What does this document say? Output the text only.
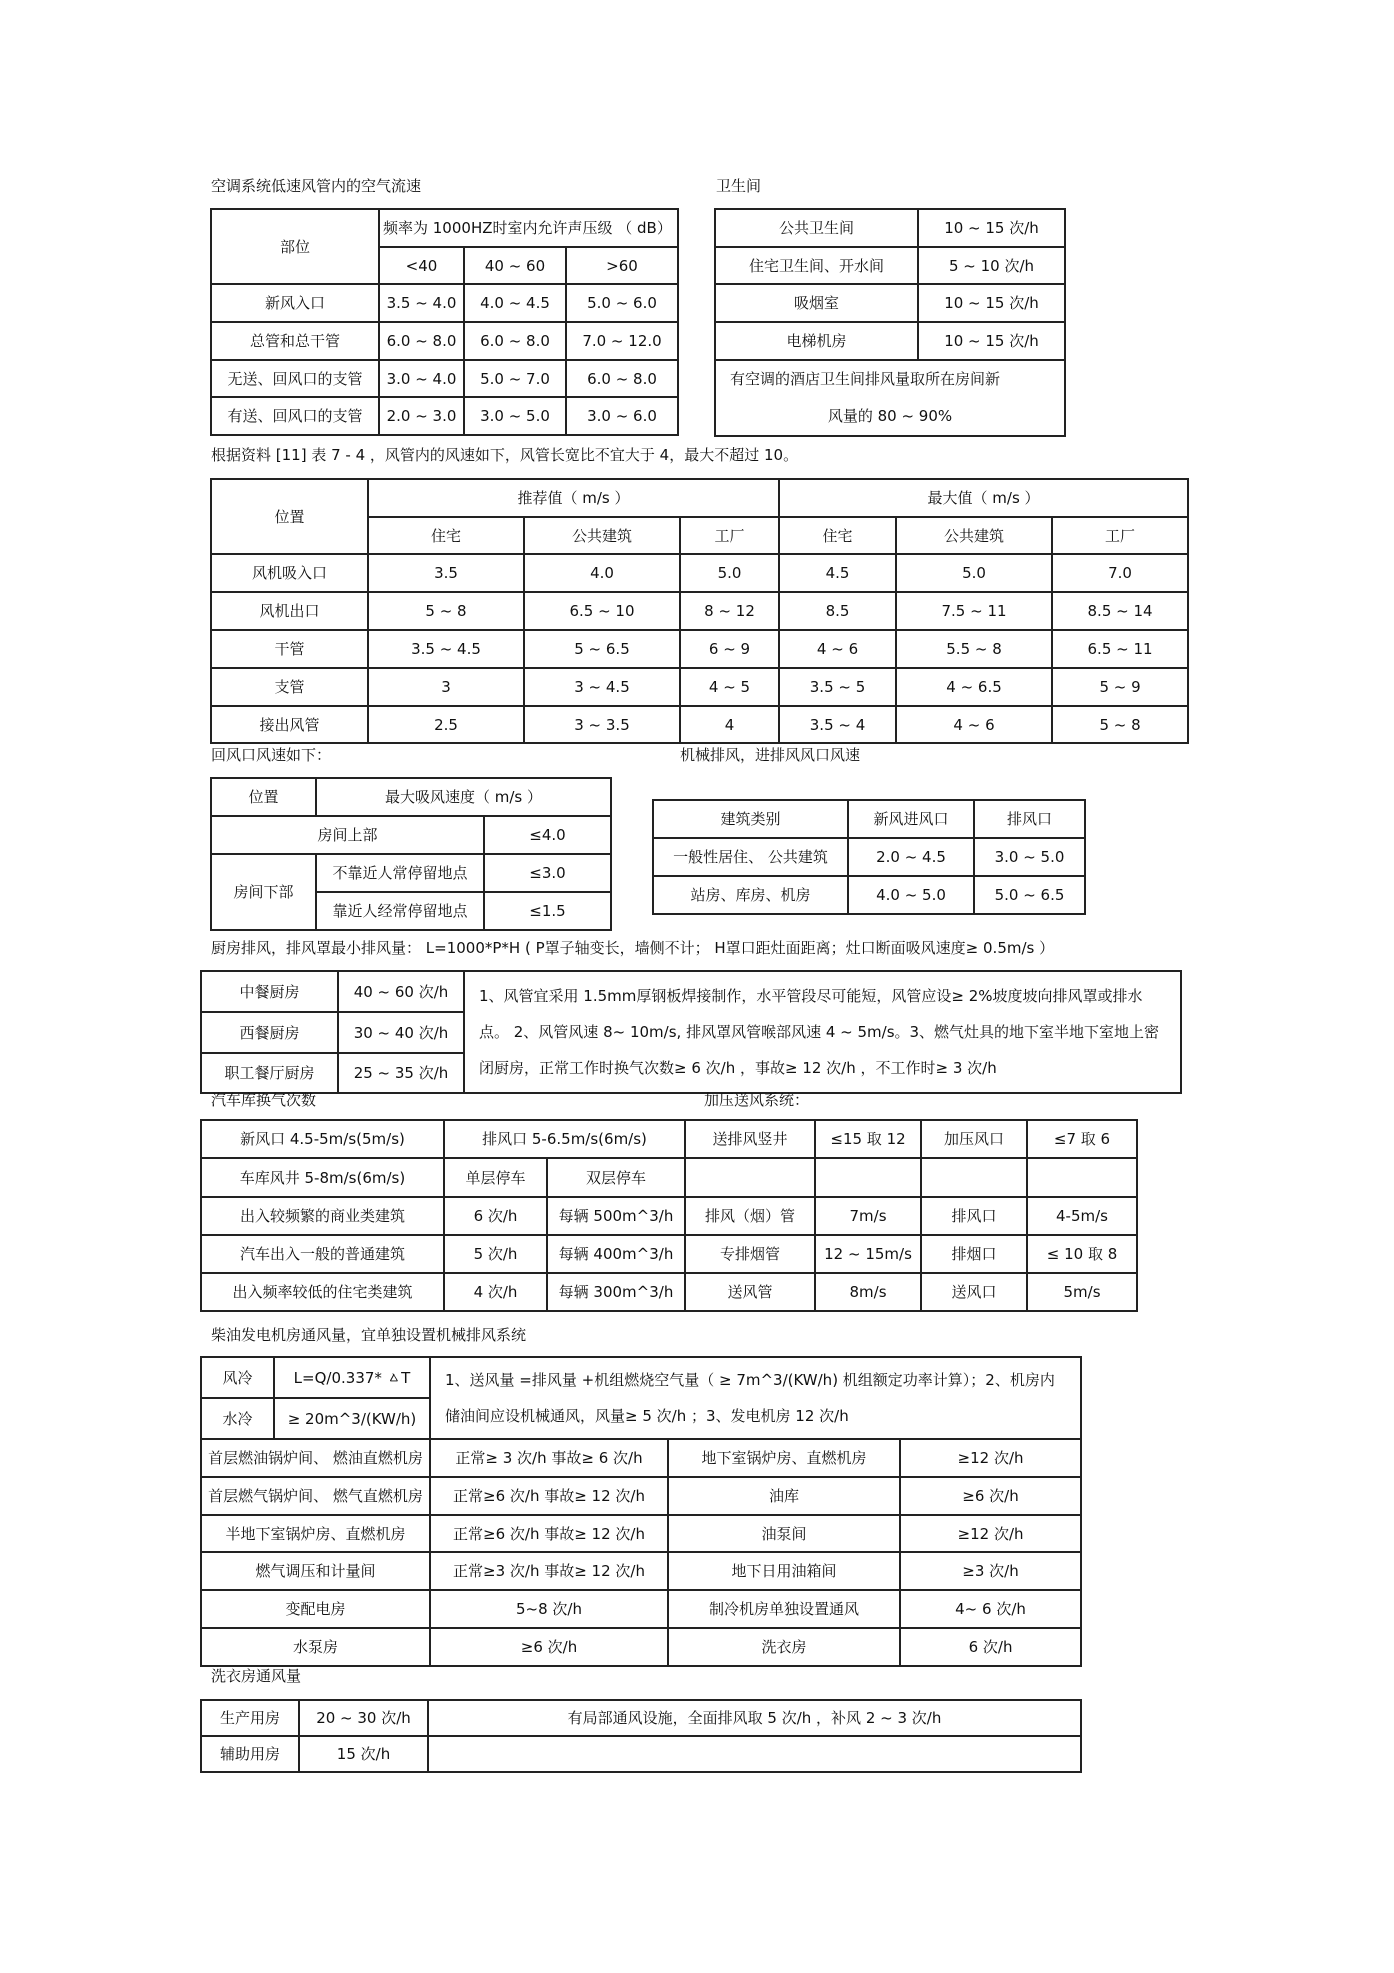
空调系统低速风管内的空气流速
部位	频率为 1000HZ时室内允许声压级 （ dB）		
	<40	40 ~ 60	>60
新风入口	3.5 ~ 4.0	4.0 ~ 4.5	5.0 ~ 6.0
总管和总干管	6.0 ~ 8.0	6.0 ~ 8.0	7.0 ~ 12.0
无送、回风口的支管	3.0 ~ 4.0	5.0 ~ 7.0	6.0 ~ 8.0
有送、回风口的支管	2.0 ~ 3.0	3.0 ~ 5.0	3.0 ~ 6.0
卫生间
公共卫生间	10 ~ 15 次/h
住宅卫生间、开水间	5 ~ 10 次/h
吸烟室	10 ~ 15 次/h
电梯机房	10 ~ 15 次/h

有空调的酒店卫生间排风量取所在房间新
风量的 80 ~ 90%	
根据资料 [11] 表 7 - 4 ，风管内的风速如下，风管长宽比不宜大于 4，最大不超过 10。
位置	推荐值（ m/s ）			最大值（ m/s ）		
	住宅	公共建筑	工厂	住宅	公共建筑	工厂
风机吸入口	3.5	4.0	5.0	4.5	5.0	7.0
风机出口	5 ~ 8	6.5 ~ 10	8 ~ 12	8.5	7.5 ~ 11	8.5 ~ 14
干管	3.5 ~ 4.5	5 ~ 6.5	6 ~ 9	4 ~ 6	5.5 ~ 8	6.5 ~ 11
支管	3	3 ~ 4.5	4 ~ 5	3.5 ~ 5	4 ~ 6.5	5 ~ 9
接出风管	2.5	3 ~ 3.5	4	3.5 ~ 4	4 ~ 6	5 ~ 8
回风口风速如下：
位置	最大吸风速度（ m/s ）	
房间上部		≤4.0
房间下部	不靠近人常停留地点	≤3.0
	靠近人经常停留地点	≤1.5
机械排风，进排风风口风速
建筑类别	新风进风口	排风口
一般性居住、 公共建筑	2.0 ~ 4.5	3.0 ~ 5.0
站房、库房、机房	4.0 ~ 5.0	5.0 ~ 6.5
厨房排风，排风罩最小排风量： L=1000*P*H ( P罩子轴变长，墙侧不计； H罩口距灶面距离；灶口断面吸风速度≥ 0.5m/s ）
中餐厨房	40 ~ 60 次/h	1、风管宜采用 1.5mm厚钢板焊接制作，水平管段尽可能短，风管应设≥ 2%坡度坡向排风罩或排水点。 2、风管风速 8~ 10m/s, 排风罩风管喉部风速 4 ~ 5m/s。3、燃气灶具的地下室半地下室地上密闭厨房，正常工作时换气次数≥ 6 次/h ，事故≥ 12 次/h ，不工作时≥ 3 次/h
西餐厨房	30 ~ 40 次/h	
职工餐厅厨房	25 ~ 35 次/h	
汽车库换气次数	加压送风系统：
新风口 4.5-5m/s(5m/s)	排风口 5-6.5m/s(6m/s)		送排风竖井	≤15 取 12	加压风口	≤7 取 6
车库风井 5-8m/s(6m/s)	单层停车	双层停车				
出入较频繁的商业类建筑	6 次/h	每辆 500m^3/h	排风（烟）管	7m/s	排风口	4-5m/s
汽车出入一般的普通建筑	5 次/h	每辆 400m^3/h	专排烟管	12 ~ 15m/s	排烟口	≤ 10 取 8
出入频率较低的住宅类建筑	4 次/h	每辆 300m^3/h	送风管	8m/s	送风口	5m/s
柴油发电机房通风量，宜单独设置机械排风系统
风冷	L=Q/0.337* ㅿT	1、送风量 =排风量 +机组燃烧空气量（ ≥ 7m^3/(KW/h) 机组额定功率计算）；2、机房内储油间应设机械通风，风量≥ 5 次/h ；3、发电机房 12 次/h		
水冷	≥ 20m^3/(KW/h)			
首层燃油锅炉间、 燃油直燃机房		正常≥ 3 次/h 事故≥ 6 次/h	地下室锅炉房、直燃机房	≥12 次/h
首层燃气锅炉间、 燃气直燃机房		正常≥6 次/h 事故≥ 12 次/h	油库	≥6 次/h
半地下室锅炉房、直燃机房		正常≥6 次/h 事故≥ 12 次/h	油泵间	≥12 次/h
燃气调压和计量间		正常≥3 次/h 事故≥ 12 次/h	地下日用油箱间	≥3 次/h
变配电房		5~8 次/h	制冷机房单独设置通风	4~ 6 次/h
水泵房		≥6 次/h	洗衣房	6 次/h
洗衣房通风量
生产用房	20 ~ 30 次/h	有局部通风设施，全面排风取 5 次/h ，补风 2 ~ 3 次/h
辅助用房	15 次/h	
